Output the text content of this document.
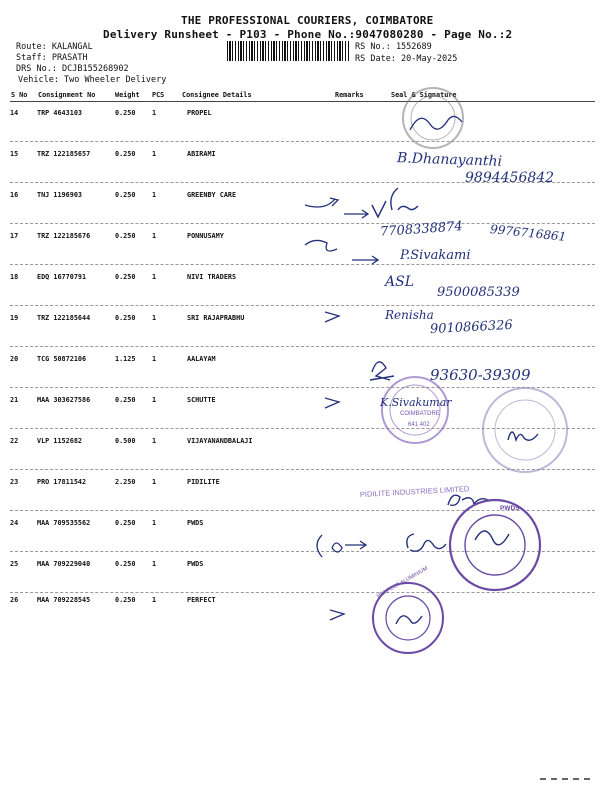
THE PROFESSIONAL COURIERS, COIMBATORE
Delivery Runsheet - P103 - Phone No.:9047080280 - Page No.:2
Route: KALANGAL
Staff: PRASATH
DRS No.: DCJB155268902
Vehicle: Two Wheeler Delivery
RS No.: 1552689
RS Date: 20-May-2025
S No Consignment No	Weight PCS	Consignee Details	Remarks	Seal & Signature
14	TRP 4643103	0.250 1	PROPEL
15	TRZ 122185657	0.250 1	ABIRAMI
16	TNJ 1196903	0.250 1	GREENBY CARE
17	TRZ 122185676	0.250 1	PONNUSAMY
18	EDQ 16770791	0.250 1	NIVI TRADERS
19	TRZ 122185644	0.250 1	SRI RAJAPRABHU
20	TCG 50872106	1.125 1	AALAYAM
21	MAA 303627586	0.250 1	SCHUTTE
22	VLP 1152682	0.500 1	VIJAYANANDBALAJI
23	PRO 17811542	2.250 1	PIDILITE
24	MAA 709535562	0.250 1	PWDS
25	MAA 709229040	0.250 1	PWDS
26	MAA 709228545	0.250 1	PERFECT
COIMBATORE
641 402
PIDILITE INDUSTRIES LIMITED
PWDS
PERFECT ALUMINIUM
B.Dhanayanthi
9894456842
7708338874 9976716861
P.Sivakami
ASL
9500085339
Renisha
9010866326
93630-39309
K.Sivakumar
